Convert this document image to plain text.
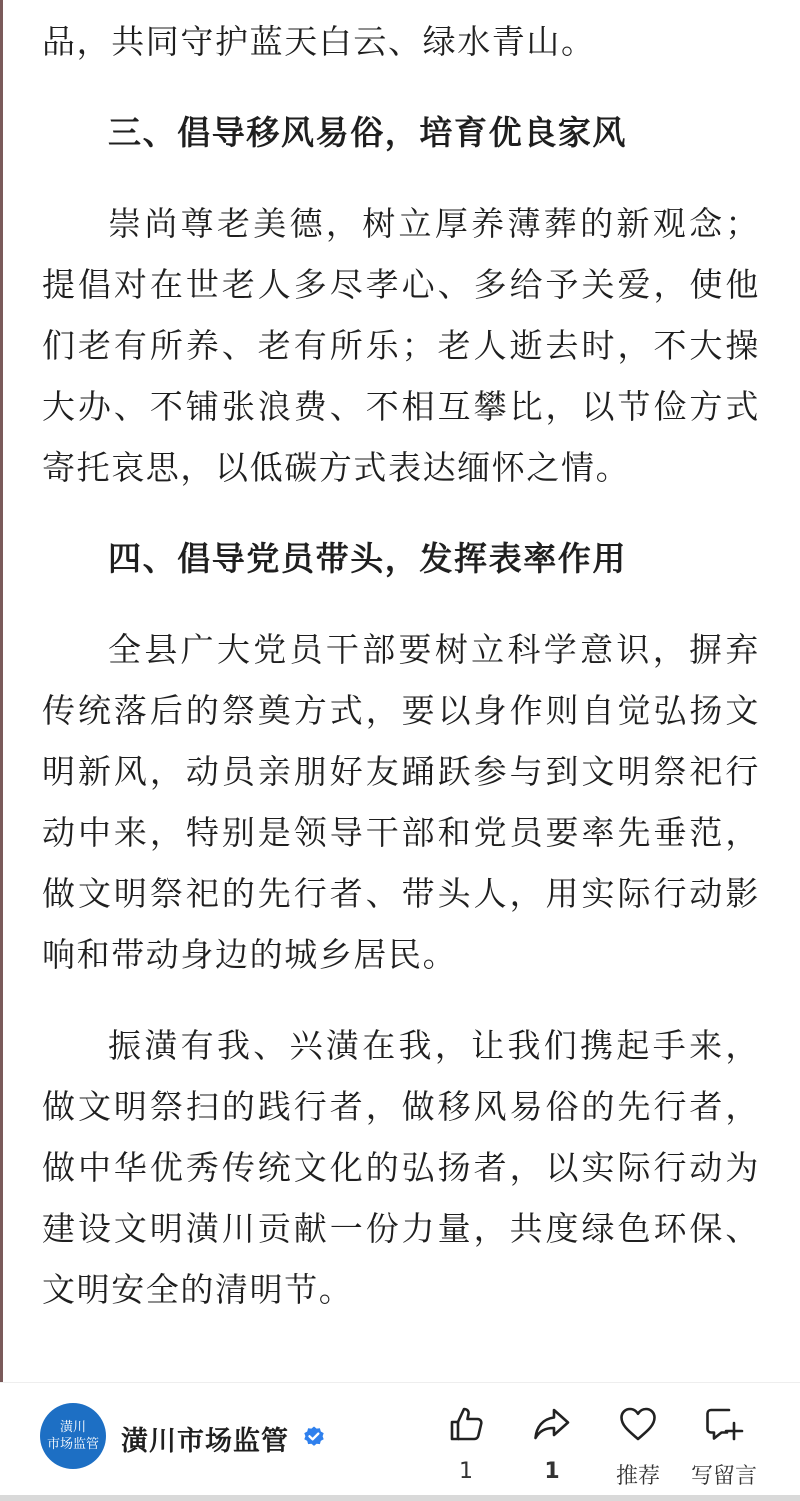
品，共同守护蓝天白云、绿水青山。

三、倡导移风易俗，培育优良家风

崇尚尊老美德，树立厚养薄葬的新观念；提倡对在世老人多尽孝心、多给予关爱，使他们老有所养、老有所乐；老人逝去时，不大操大办、不铺张浪费、不相互攀比，以节俭方式寄托哀思，以低碳方式表达缅怀之情。

四、倡导党员带头，发挥表率作用

全县广大党员干部要树立科学意识，摒弃传统落后的祭奠方式，要以身作则自觉弘扬文明新风，动员亲朋好友踊跃参与到文明祭祀行动中来，特别是领导干部和党员要率先垂范，做文明祭祀的先行者、带头人，用实际行动影响和带动身边的城乡居民。

振潢有我、兴潢在我，让我们携起手来，做文明祭扫的践行者，做移风易俗的先行者，做中华优秀传统文化的弘扬者，以实际行动为建设文明潢川贡献一份力量，共度绿色环保、文明安全的清明节。

潢川
市场监管 潢川市场监管
1	1	推荐 写留言
